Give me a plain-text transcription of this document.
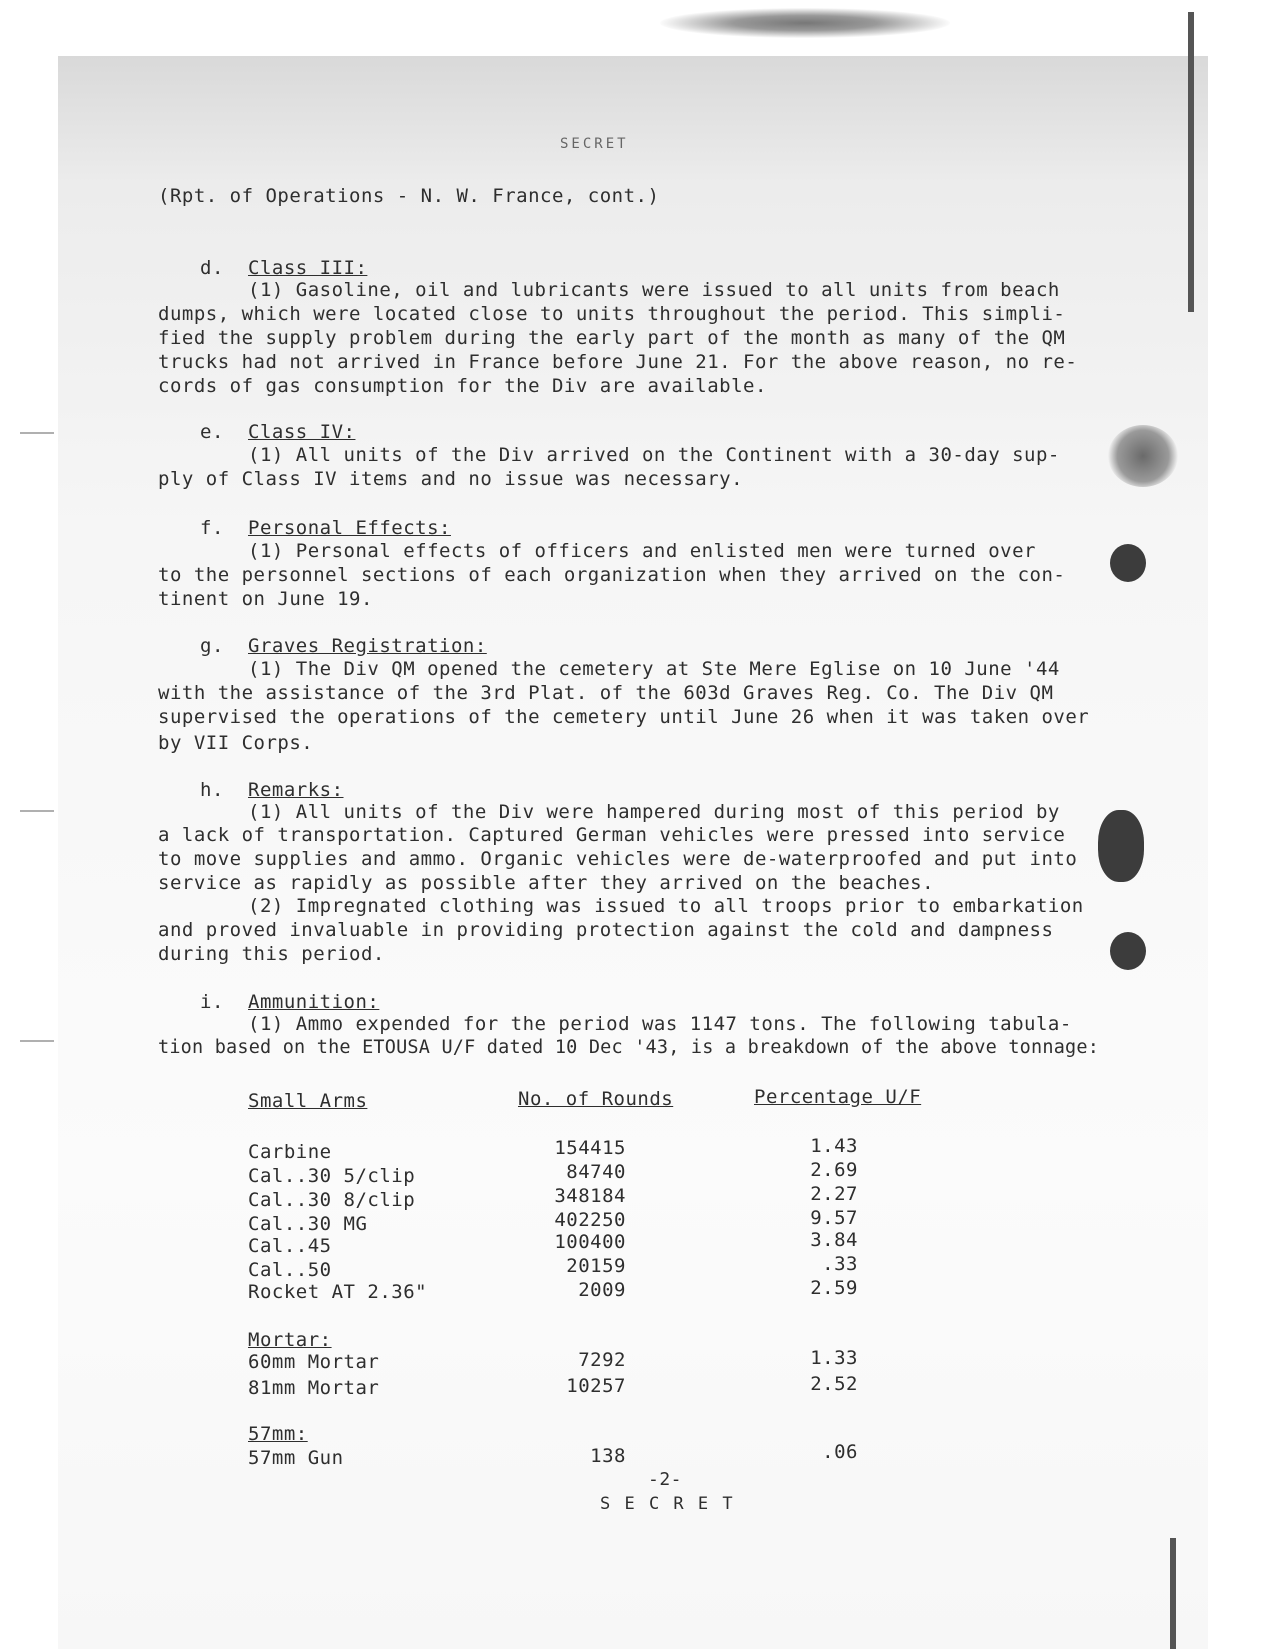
SECRET
(Rpt. of Operations - N. W. France, cont.)
d. Class III:
(1) Gasoline, oil and lubricants were issued to all units from beach
dumps, which were located close to units throughout the period. This simpli-
fied the supply problem during the early part of the month as many of the QM
trucks had not arrived in France before June 21. For the above reason, no re-
cords of gas consumption for the Div are available.
e. Class IV:
(1) All units of the Div arrived on the Continent with a 30-day sup-
ply of Class IV items and no issue was necessary.
f. Personal Effects:
(1) Personal effects of officers and enlisted men were turned over
to the personnel sections of each organization when they arrived on the con-
tinent on June 19.
g. Graves Registration:
(1) The Div QM opened the cemetery at Ste Mere Eglise on 10 June '44
with the assistance of the 3rd Plat. of the 603d Graves Reg. Co. The Div QM
supervised the operations of the cemetery until June 26 when it was taken over
by VII Corps.
h. Remarks:
(1) All units of the Div were hampered during most of this period by
a lack of transportation. Captured German vehicles were pressed into service
to move supplies and ammo. Organic vehicles were de-waterproofed and put into
service as rapidly as possible after they arrived on the beaches.
(2) Impregnated clothing was issued to all troops prior to embarkation
and proved invaluable in providing protection against the cold and dampness
during this period.
i. Ammunition:
(1) Ammo expended for the period was 1147 tons. The following tabula-
tion based on the ETOUSA U/F dated 10 Dec '43, is a breakdown of the above tonnage:
Small Arms	No. of Rounds	Percentage U/F
Carbine	154415	1.43
Cal..30 5/clip	84740	2.69
Cal..30 8/clip	348184	2.27
Cal..30 MG	402250	9.57
Cal..45	100400	3.84
Cal..50	20159	.33
Rocket AT 2.36"	2009	2.59
Mortar:
60mm Mortar	7292	1.33
81mm Mortar	10257	2.52
57mm:
57mm Gun	138	.06
-2-
S E C R E T
